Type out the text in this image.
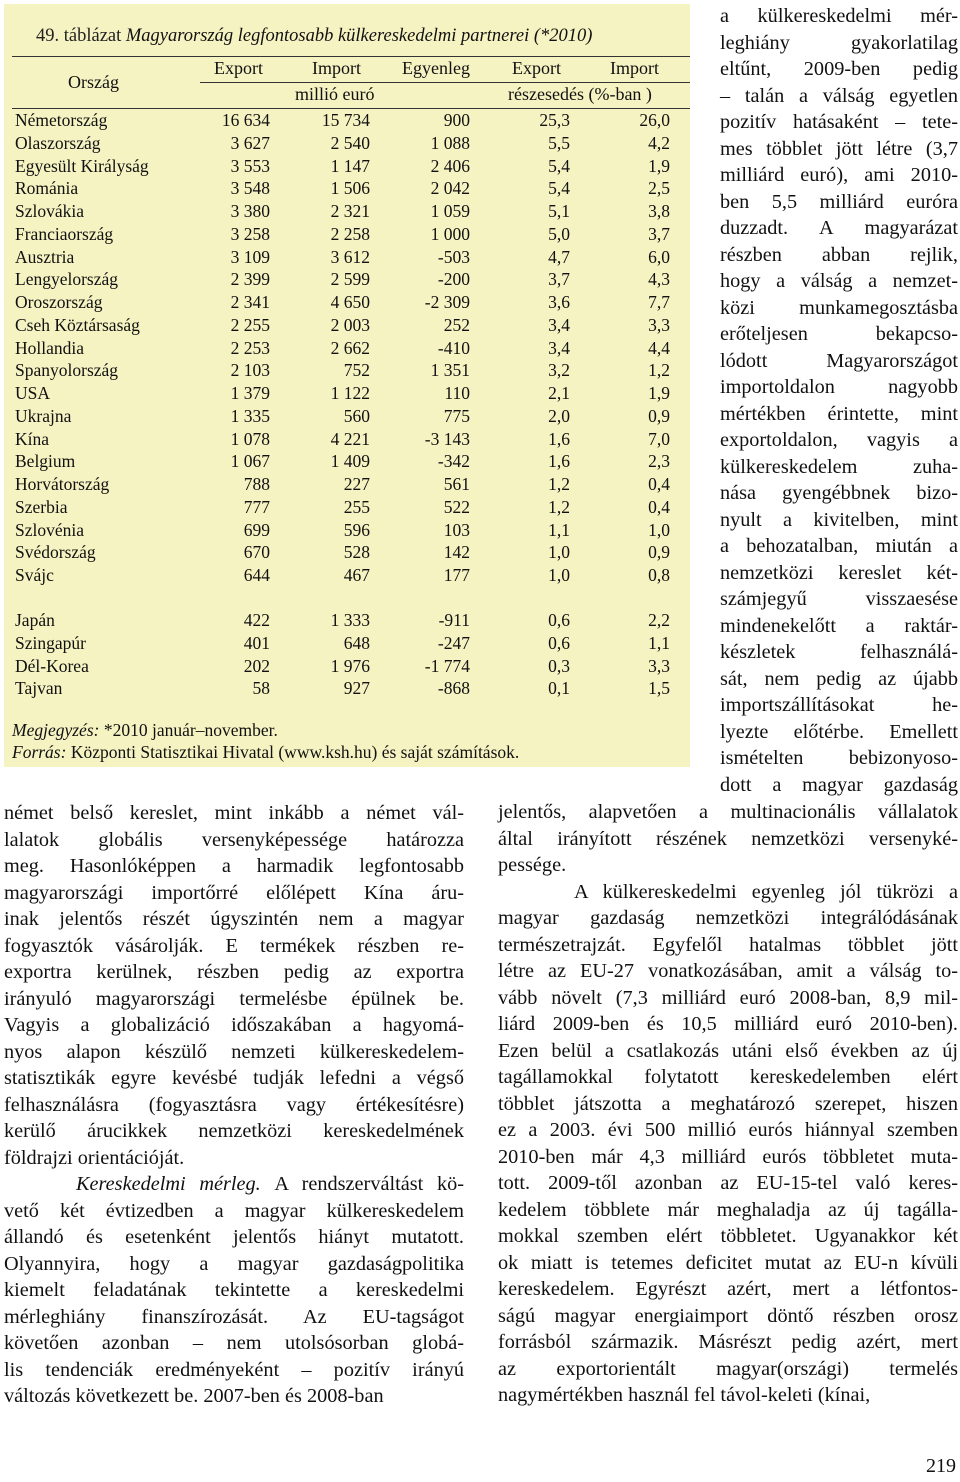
49. táblázat Magyarország legfontosabb külkereskedelmi partnerei (*2010)
Ország
Export	Import Egyenleg Export	Import
millió euró	részesedés (%-ban )
Németország	16 634	15 734	900	25,3	26,0
Olaszország	3 627	2 540	1 088	5,5	4,2
Egyesült Királyság	3 553	1 147	2 406	5,4	1,9
Románia	3 548	1 506	2 042	5,4	2,5
Szlovákia	3 380	2 321	1 059	5,1	3,8
Franciaország	3 258	2 258	1 000	5,0	3,7
Ausztria	3 109	3 612	-503	4,7	6,0
Lengyelország	2 399	2 599	-200	3,7	4,3
Oroszország	2 341	4 650	-2 309	3,6	7,7
Cseh Köztársaság	2 255	2 003	252	3,4	3,3
Hollandia	2 253	2 662	-410	3,4	4,4
Spanyolország	2 103	752	1 351	3,2	1,2
USA	1 379	1 122	110	2,1	1,9
Ukrajna	1 335	560	775	2,0	0,9
Kína	1 078	4 221	-3 143	1,6	7,0
Belgium	1 067	1 409	-342	1,6	2,3
Horvátország	788	227	561	1,2	0,4
Szerbia	777	255	522	1,2	0,4
Szlovénia	699	596	103	1,1	1,0
Svédország	670	528	142	1,0	0,9
Svájc	644	467	177	1,0	0,8
Japán	422	1 333	-911	0,6	2,2
Szingapúr	401	648	-247	0,6	1,1
Dél-Korea	202	1 976	-1 774	0,3	3,3
Tajvan	58	927	-868	0,1	1,5
Megjegyzés: *2010 január–november.
Forrás: Központi Statisztikai Hivatal (www.ksh.hu) és saját számítások.
a külkereskedelmi mér-
leghiány gyakorlatilag
eltűnt, 2009-ben pedig
– talán a válság egyetlen
pozitív hatásaként – tete-
mes többlet jött létre (3,7
milliárd euró), ami 2010-
ben 5,5 milliárd euróra
duzzadt. A magyarázat
részben abban rejlik,
hogy a válság a nemzet-
közi munkamegosztásba
erőteljesen bekapcso-
lódott Magyarországot
importoldalon nagyobb
mértékben érintette, mint
exportoldalon, vagyis a
külkereskedelem zuha-
nása gyengébbnek bizo-
nyult a kivitelben, mint
a behozatalban, miután a
nemzetközi kereslet két-
számjegyű visszaesése
mindenekelőtt a raktár-
készletek felhasználá-
sát, nem pedig az újabb
importszállításokat he-
lyezte előtérbe. Emellett
ismételten bebizonyoso-
dott a magyar gazdaság
jelentős, alapvetően a multinacionális vállalatok
által irányított részének nemzetközi versenyké-
pessége.
A külkereskedelmi egyenleg jól tükrözi a
magyar gazdaság nemzetközi integrálódásának
természetrajzát. Egyfelől hatalmas többlet jött
létre az EU-27 vonatkozásában, amit a válság to-
vább növelt (7,3 milliárd euró 2008-ban, 8,9 mil-
liárd 2009-ben és 10,5 milliárd euró 2010-ben).
Ezen belül a csatlakozás utáni első években az új
tagállamokkal folytatott kereskedelemben elért
többlet játszotta a meghatározó szerepet, hiszen
ez a 2003. évi 500 millió eurós hiánnyal szemben
2010-ben már 4,3 milliárd eurós többletet muta-
tott. 2009-től azonban az EU-15-tel való keres-
kedelem többlete már meghaladja az új tagálla-
mokkal szemben elért többletet. Ugyanakkor két
ok miatt is tetemes deficitet mutat az EU-n kívüli
kereskedelem. Egyrészt azért, mert a létfontos-
ságú magyar energiaimport döntő részben orosz
forrásból származik. Másrészt pedig azért, mert
az exportorientált magyar(országi) termelés
nagymértékben használ fel távol-keleti (kínai,
német belső kereslet, mint inkább a német vál-
lalatok globális versenyképessége határozza
meg. Hasonlóképpen a harmadik legfontosabb
magyarországi importőrré előlépett Kína áru-
inak jelentős részét úgyszintén nem a magyar
fogyasztók vásárolják. E termékek részben re-
exportra kerülnek, részben pedig az exportra
irányuló magyarországi termelésbe épülnek be.
Vagyis a globalizáció időszakában a hagyomá-
nyos alapon készülő nemzeti külkereskedelem-
statisztikák egyre kevésbé tudják lefedni a végső
felhasználásra (fogyasztásra vagy értékesítésre)
kerülő árucikkek nemzetközi kereskedelmének
földrajzi orientációját.
Kereskedelmi mérleg. A rendszerváltást kö-
vető két évtizedben a magyar külkereskedelem
állandó és esetenként jelentős hiányt mutatott.
Olyannyira, hogy a magyar gazdaságpolitika
kiemelt feladatának tekintette a kereskedelmi
mérleghiány finanszírozását. Az EU-tagságot
követően azonban – nem utolsósorban globá-
lis tendenciák eredményeként – pozitív irányú
változás következett be. 2007-ben és 2008-ban
219
